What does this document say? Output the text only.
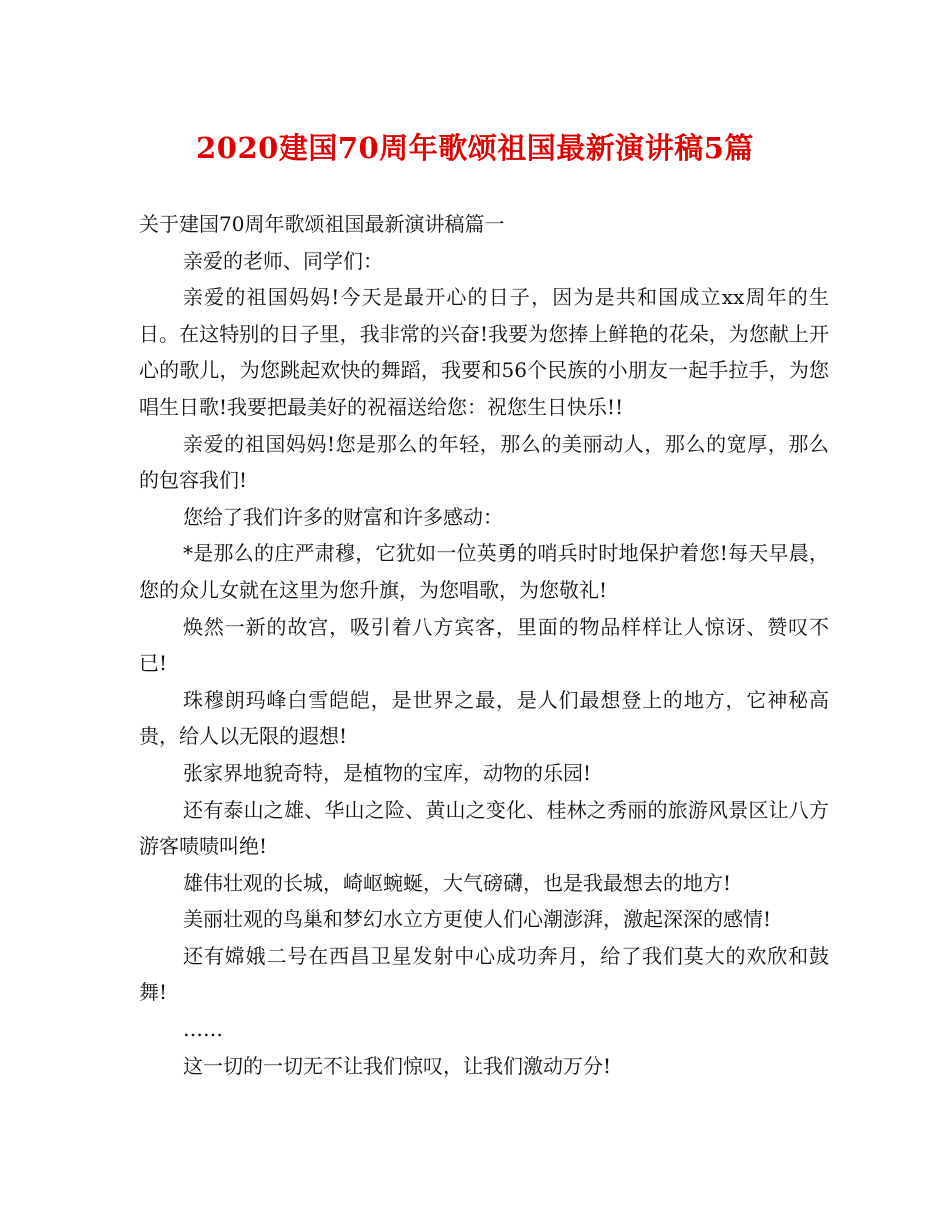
2020建国70周年歌颂祖国最新演讲稿5篇

关于建国70周年歌颂祖国最新演讲稿篇一

亲爱的老师、同学们：

亲爱的祖国妈妈!今天是最开心的日子，因为是共和国成立xx周年的生日。在这特别的日子里，我非常的兴奋!我要为您捧上鲜艳的花朵，为您献上开心的歌儿，为您跳起欢快的舞蹈，我要和56个民族的小朋友一起手拉手，为您唱生日歌!我要把最美好的祝福送给您：祝您生日快乐!!

亲爱的祖国妈妈!您是那么的年轻，那么的美丽动人，那么的宽厚，那么的包容我们!

您给了我们许多的财富和许多感动：

*是那么的庄严肃穆，它犹如一位英勇的哨兵时时地保护着您!每天早晨，您的众儿女就在这里为您升旗，为您唱歌，为您敬礼!

焕然一新的故宫，吸引着八方宾客，里面的物品样样让人惊讶、赞叹不已!

珠穆朗玛峰白雪皑皑，是世界之最，是人们最想登上的地方，它神秘高贵，给人以无限的遐想!

张家界地貌奇特，是植物的宝库，动物的乐园!

还有泰山之雄、华山之险、黄山之变化、桂林之秀丽的旅游风景区让八方游客啧啧叫绝!

雄伟壮观的长城，崎岖蜿蜒，大气磅礴，也是我最想去的地方!

美丽壮观的鸟巢和梦幻水立方更使人们心潮澎湃，激起深深的感情!

还有嫦娥二号在西昌卫星发射中心成功奔月，给了我们莫大的欢欣和鼓舞!

……

这一切的一切无不让我们惊叹，让我们激动万分!
